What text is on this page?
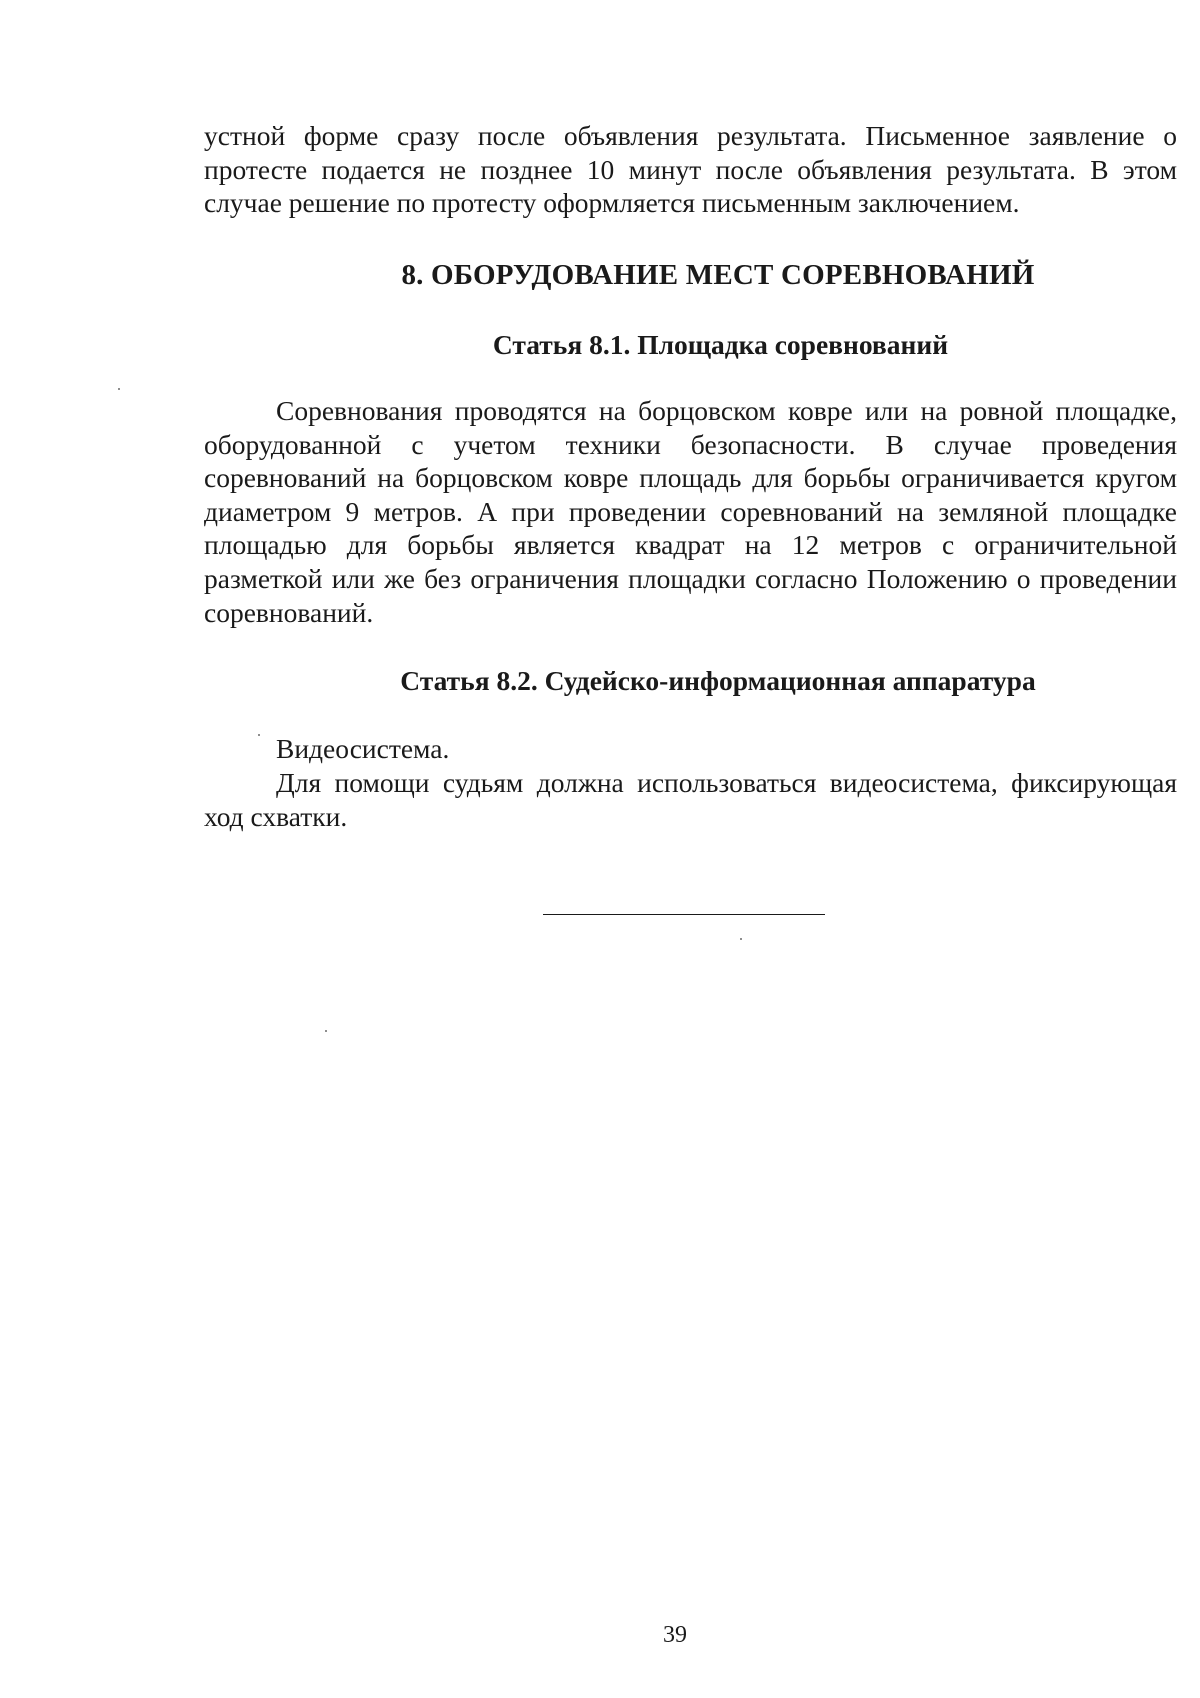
устной форме сразу после объявления результата. Письменное заявление о протесте подается не позднее 10 минут после объявления результата. В этом случае решение по протесту оформляется письменным заключением.

8. ОБОРУДОВАНИЕ МЕСТ СОРЕВНОВАНИЙ
Статья 8.1. Площадка соревнований

Соревнования проводятся на борцовском ковре или на ровной площадке, оборудованной с учетом техники безопасности. В случае проведения соревнований на борцовском ковре площадь для борьбы ограничивается кругом диаметром 9 метров. А при проведении соревнований на земляной площадке площадью для борьбы является квадрат на 12 метров с ограничительной разметкой или же без ограничения площадки согласно Положению о проведении соревнований.

Статья 8.2. Судейско-информационная аппаратура

Видеосистема.

Для помощи судьям должна использоваться видеосистема, фиксирующая ход схватки.

39
